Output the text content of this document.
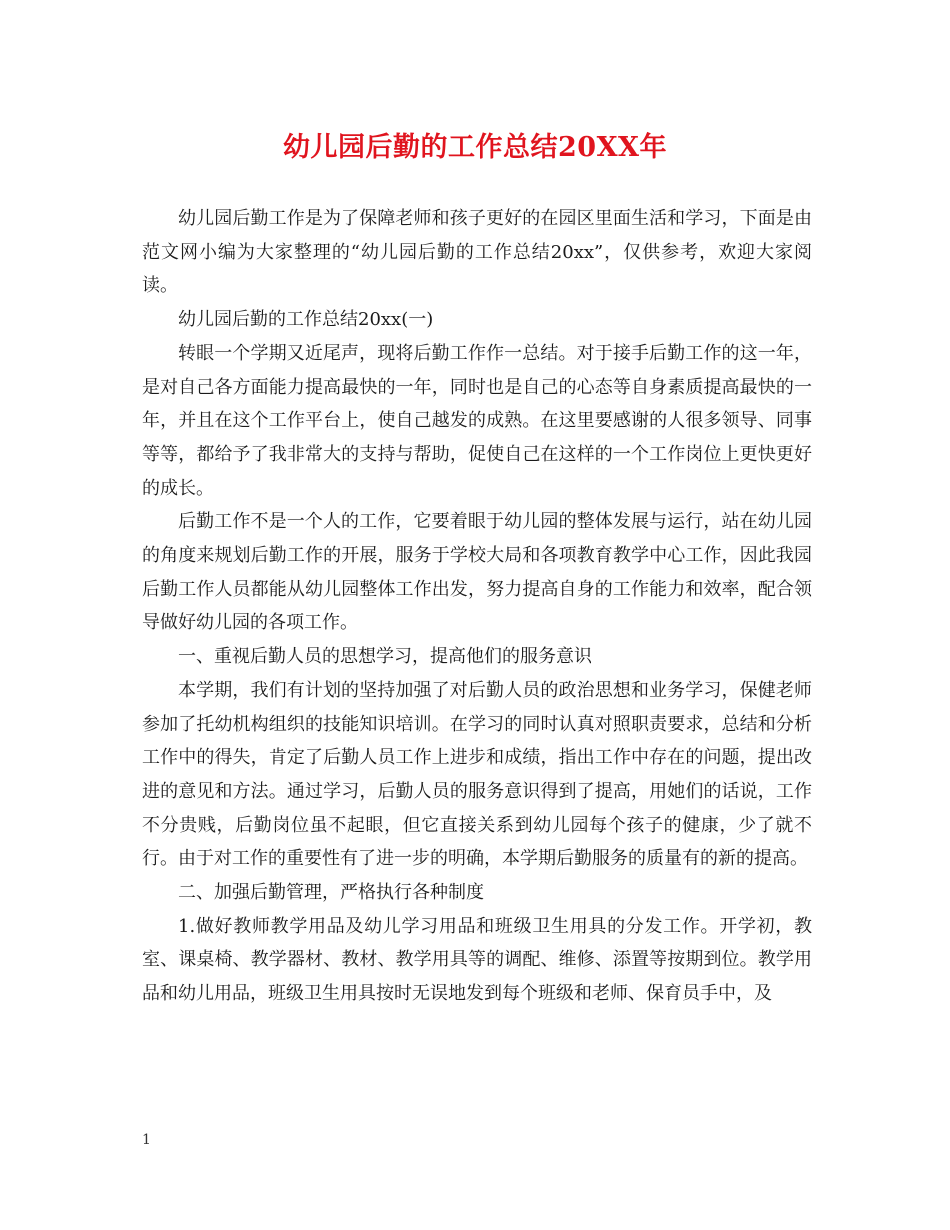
幼儿园后勤的工作总结20XX年

幼儿园后勤工作是为了保障老师和孩子更好的在园区里面生活和学习，下面是由范文网小编为大家整理的“幼儿园后勤的工作总结20xx”，仅供参考，欢迎大家阅读。

幼儿园后勤的工作总结20xx(一)

转眼一个学期又近尾声，现将后勤工作作一总结。对于接手后勤工作的这一年，是对自己各方面能力提高最快的一年，同时也是自己的心态等自身素质提高最快的一年，并且在这个工作平台上，使自己越发的成熟。在这里要感谢的人很多领导、同事等等，都给予了我非常大的支持与帮助，促使自己在这样的一个工作岗位上更快更好的成长。

后勤工作不是一个人的工作，它要着眼于幼儿园的整体发展与运行，站在幼儿园的角度来规划后勤工作的开展，服务于学校大局和各项教育教学中心工作，因此我园后勤工作人员都能从幼儿园整体工作出发，努力提高自身的工作能力和效率，配合领导做好幼儿园的各项工作。

一、重视后勤人员的思想学习，提高他们的服务意识

本学期，我们有计划的坚持加强了对后勤人员的政治思想和业务学习，保健老师参加了托幼机构组织的技能知识培训。在学习的同时认真对照职责要求，总结和分析工作中的得失，肯定了后勤人员工作上进步和成绩，指出工作中存在的问题，提出改进的意见和方法。通过学习，后勤人员的服务意识得到了提高，用她们的话说，工作不分贵贱，后勤岗位虽不起眼，但它直接关系到幼儿园每个孩子的健康，少了就不行。由于对工作的重要性有了进一步的明确，本学期后勤服务的质量有的新的提高。

二、加强后勤管理，严格执行各种制度

1.做好教师教学用品及幼儿学习用品和班级卫生用具的分发工作。开学初，教室、课桌椅、教学器材、教材、教学用具等的调配、维修、添置等按期到位。教学用品和幼儿用品，班级卫生用具按时无误地发到每个班级和老师、保育员手中，及

1
